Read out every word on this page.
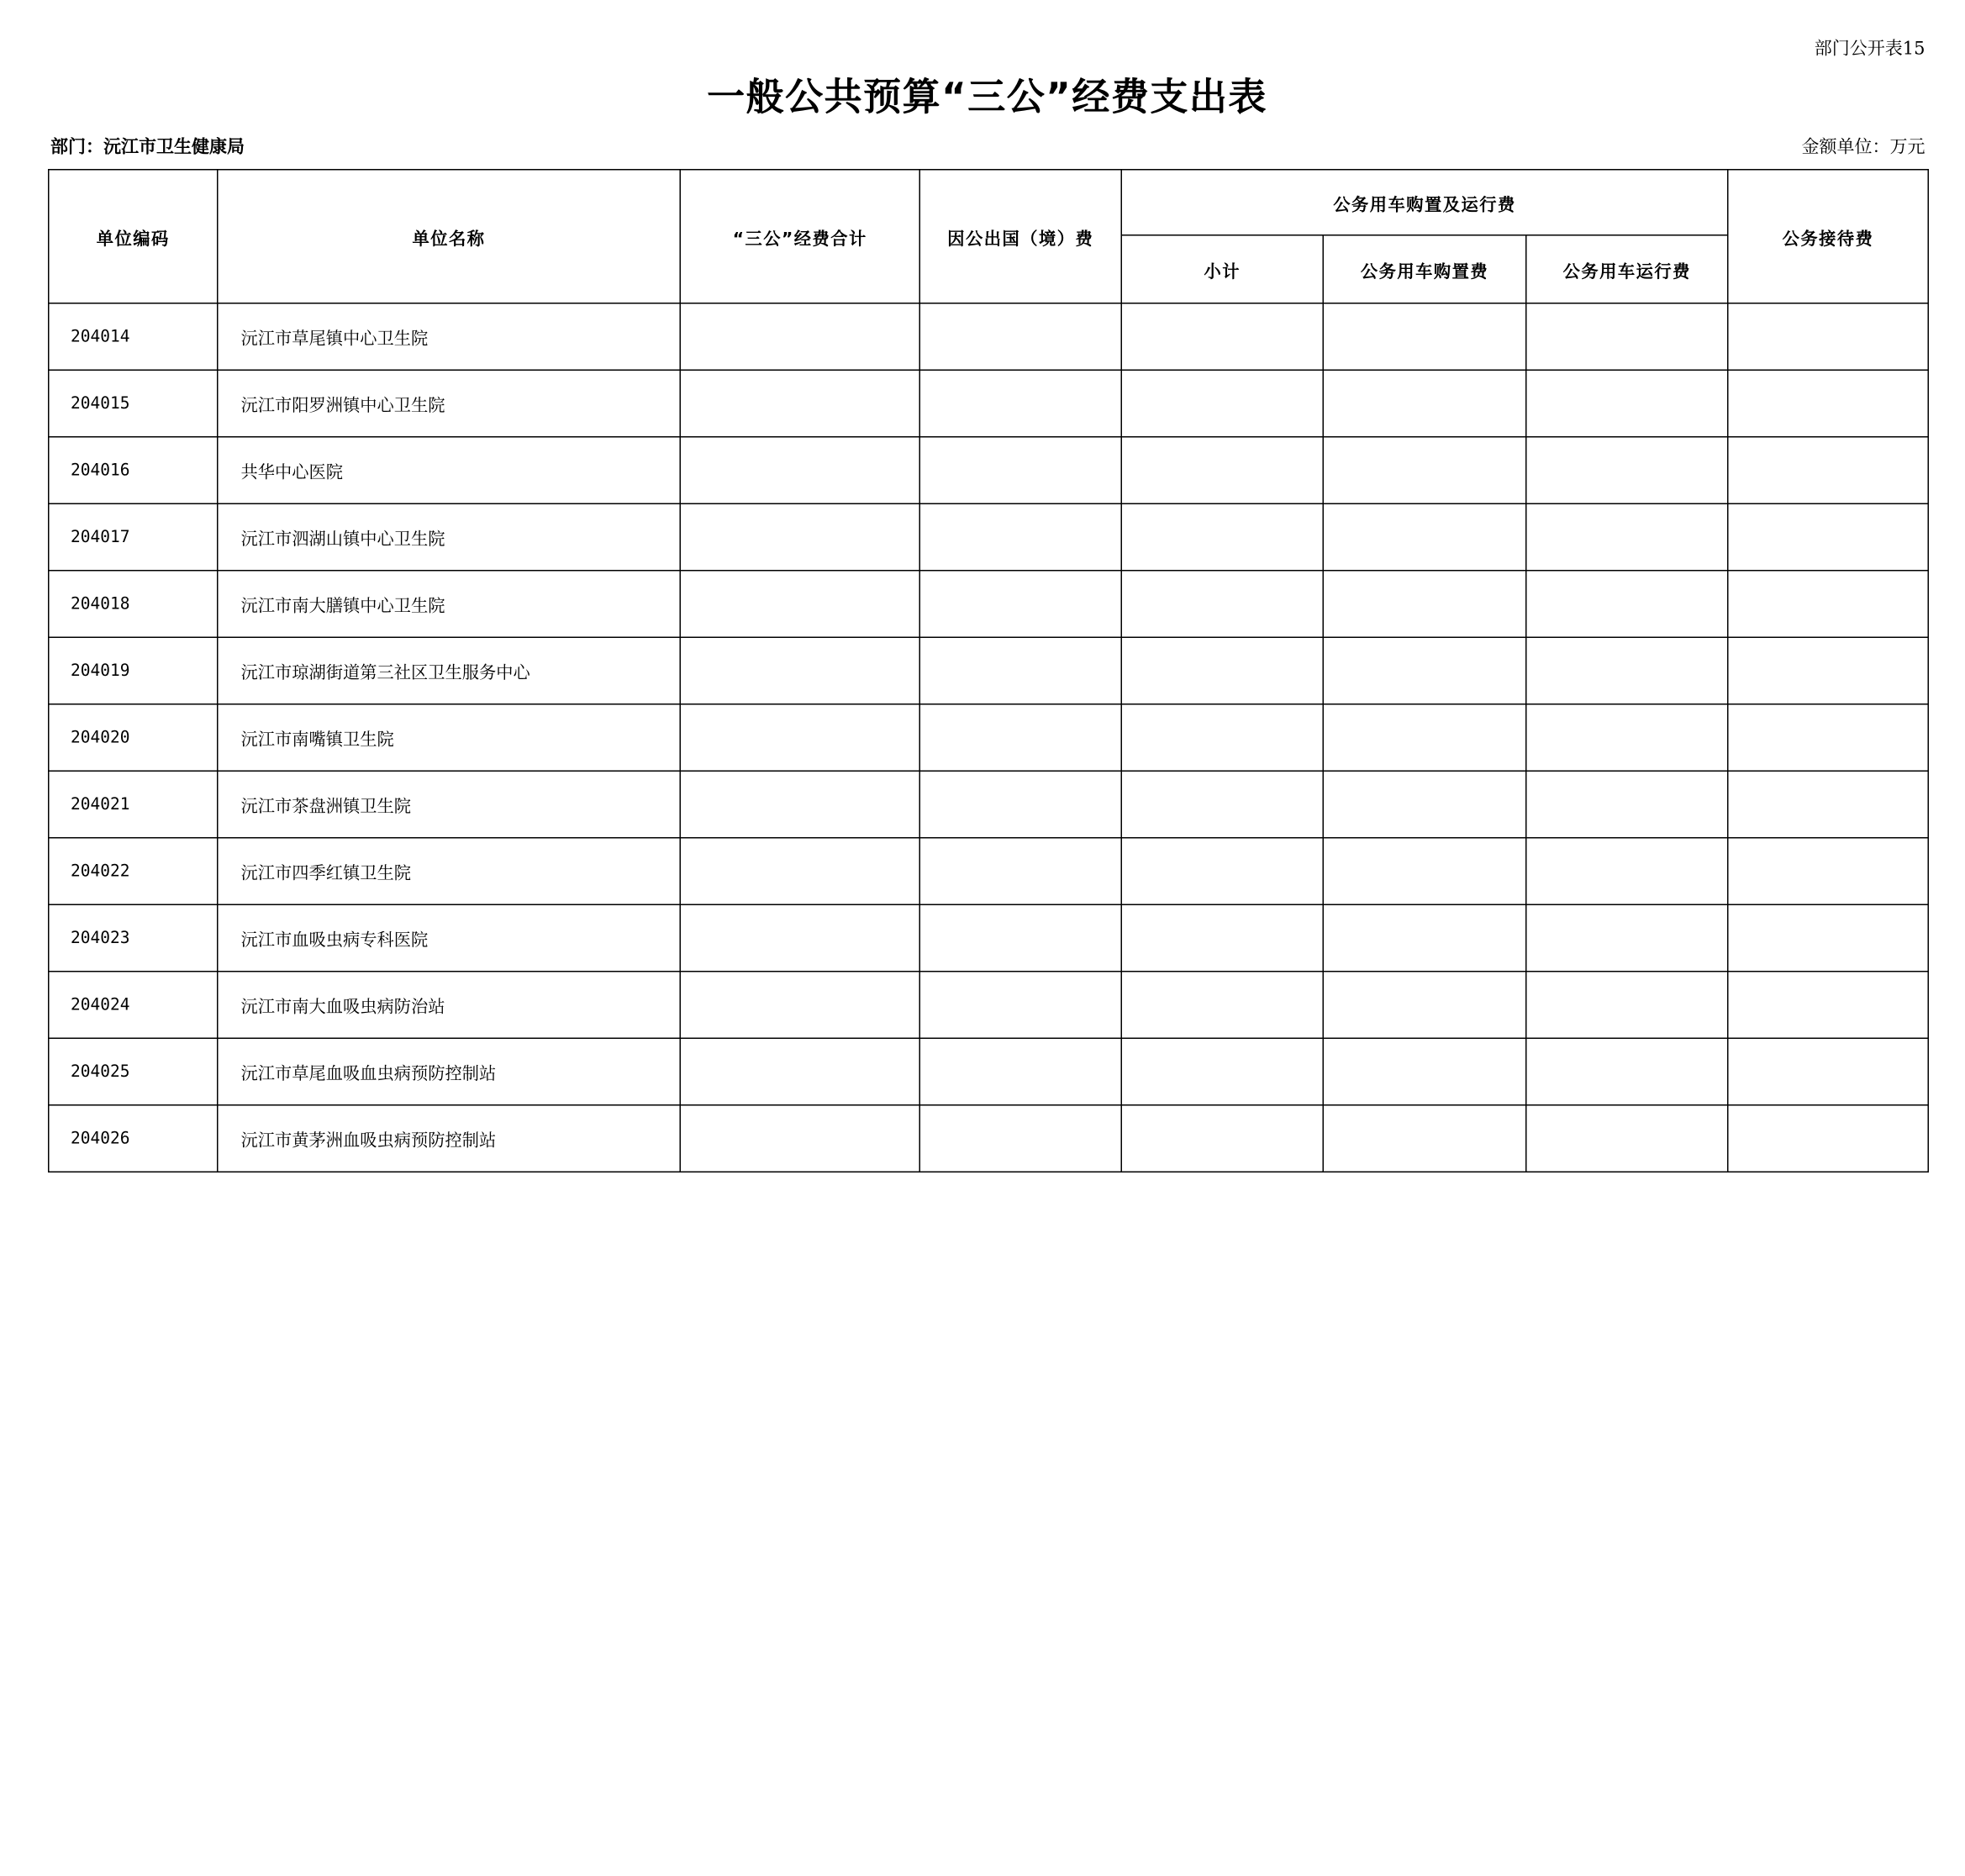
部门公开表15
一般公共预算“三公”经费支出表
部门：沅江市卫生健康局	金额单位：万元
单位编码	单位名称	“三公”经费合计	因公出国（境）费	公务用车购置及运行费			公务接待费
				小计	公务用车购置费	公务用车运行费	
204014	沅江市草尾镇中心卫生院						
204015	沅江市阳罗洲镇中心卫生院						
204016	共华中心医院						
204017	沅江市泗湖山镇中心卫生院						
204018	沅江市南大膳镇中心卫生院						
204019	沅江市琼湖街道第三社区卫生服务中心						
204020	沅江市南嘴镇卫生院						
204021	沅江市茶盘洲镇卫生院						
204022	沅江市四季红镇卫生院						
204023	沅江市血吸虫病专科医院						
204024	沅江市南大血吸虫病防治站						
204025	沅江市草尾血吸血虫病预防控制站						
204026	沅江市黄茅洲血吸虫病预防控制站						
